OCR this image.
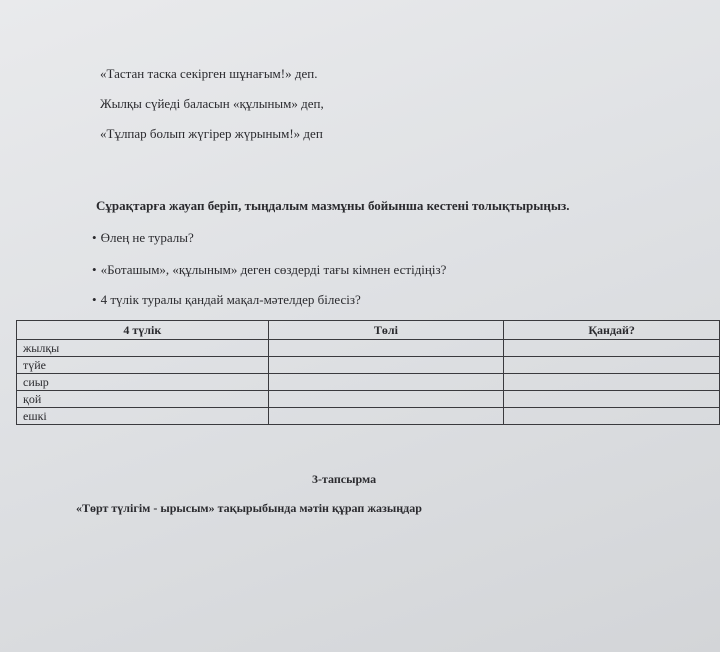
«Тастан таска секірген шұнағым!» деп.
Жылқы сүйеді баласын «құлыным» деп,
«Тұлпар болып жүгірер жүрыным!» деп
Сұрақтарға жауап беріп, тыңдалым мазмұны бойынша кестені толықтырыңыз.
• Өлең не туралы?
• «Боташым», «құлыным» деген сөздерді тағы кімнен естідіңіз?
• 4 түлік туралы қандай мақал-мәтелдер білесіз?
4 түлік	Төлі	Қандай?
жылқы		
түйе		
сиыр		
қой		
ешкі		
3-тапсырма
«Төрт түлігім - ырысым» тақырыбында мәтін құрап жазыңдар
